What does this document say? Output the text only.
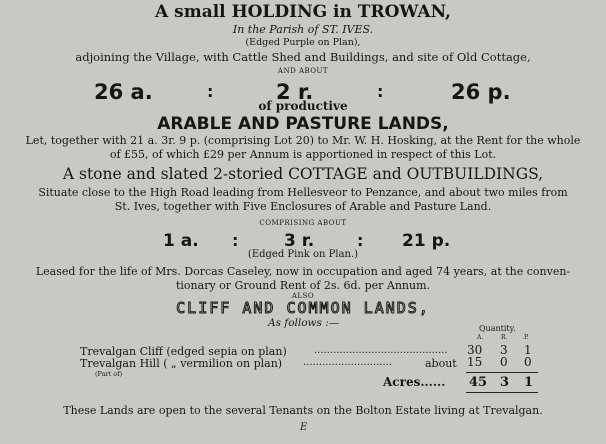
A small HOLDING in TROWAN,
In the Parish of ST. IVES.
(Edged Purple on Plan),
adjoining the Village, with Cattle Shed and Buildings, and site of Old Cottage,
AND ABOUT
26 a.	:	2 r.	:	26 p.
of productive
ARABLE AND PASTURE LANDS,
Let, together with 21 a. 3r. 9 p. (comprising Lot 20) to Mr. W. H. Hosking, at the Rent for the whole
of £55, of which £29 per Annum is apportioned in respect of this Lot.
A stone and slated 2-storied COTTAGE and OUTBUILDINGS,
Situate close to the High Road leading from Hellesveor to Penzance, and about two miles from
St. Ives, together with Five Enclosures of Arable and Pasture Land.
COMPRISING ABOUT
1 a. :	3 r.	: 21 p.
(Edged Pink on Plan.)
Leased for the life of Mrs. Dorcas Caseley, now in occupation and aged 74 years, at the conven-
tionary or Ground Rent of 2s. 6d. per Annum.
ALSO
CLIFF AND COMMON LANDS,
As follows :—	Quantity.
A.	R.	P.
Trevalgan Cliff (edged sepia on plan)	.......................................... 30 3 1
Trevalgan Hill ( „ vermilion on plan) ............................	about 15 0 0
(Part of)
Acres...... 45 3 1
These Lands are open to the several Tenants on the Bolton Estate living at Trevalgan.
E
